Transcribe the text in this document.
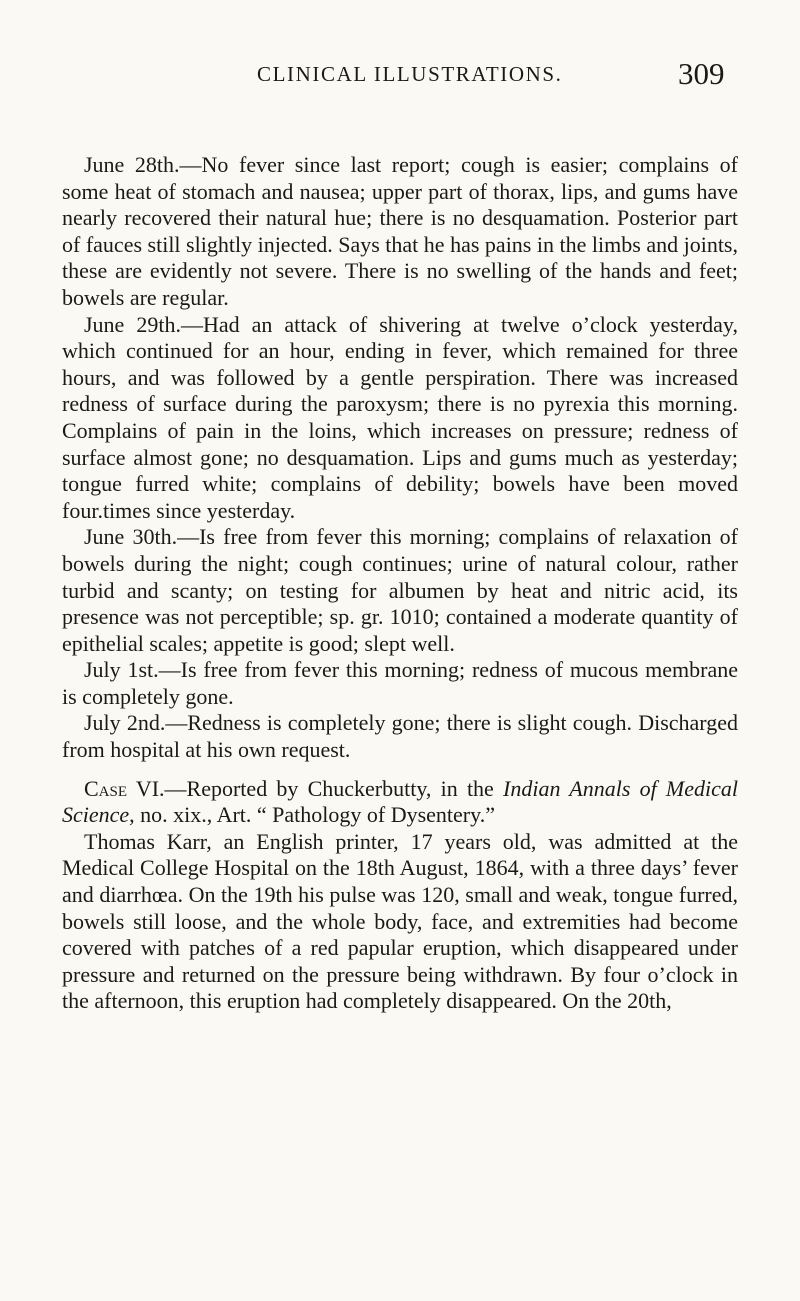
CLINICAL ILLUSTRATIONS.	309

June 28th.—No fever since last report; cough is easier; complains of some heat of stomach and nausea; upper part of thorax, lips, and gums have nearly recovered their natural hue; there is no desquamation. Posterior part of fauces still slightly injected. Says that he has pains in the limbs and joints, these are evidently not severe. There is no swelling of the hands and feet; bowels are regular.

June 29th.—Had an attack of shivering at twelve o’clock yesterday, which continued for an hour, ending in fever, which remained for three hours, and was followed by a gentle perspiration. There was increased redness of surface during the paroxysm; there is no pyrexia this morning. Complains of pain in the loins, which increases on pressure; redness of surface almost gone; no desquamation. Lips and gums much as yesterday; tongue furred white; complains of debility; bowels have been moved four.times since yesterday.

June 30th.—Is free from fever this morning; complains of relaxation of bowels during the night; cough continues; urine of natural colour, rather turbid and scanty; on testing for albumen by heat and nitric acid, its presence was not perceptible; sp. gr. 1010; contained a moderate quantity of epithelial scales; appetite is good; slept well.

July 1st.—Is free from fever this morning; redness of mucous membrane is completely gone.

July 2nd.—Redness is completely gone; there is slight cough. Discharged from hospital at his own request.

Case VI.—Reported by Chuckerbutty, in the Indian Annals of Medical Science, no. xix., Art. “ Pathology of Dysentery.”

Thomas Karr, an English printer, 17 years old, was admitted at the Medical College Hospital on the 18th August, 1864, with a three days’ fever and diarrhœa. On the 19th his pulse was 120, small and weak, tongue furred, bowels still loose, and the whole body, face, and extremities had become covered with patches of a red papular eruption, which disappeared under pressure and returned on the pressure being withdrawn. By four o’clock in the afternoon, this eruption had completely disappeared. On the 20th,
